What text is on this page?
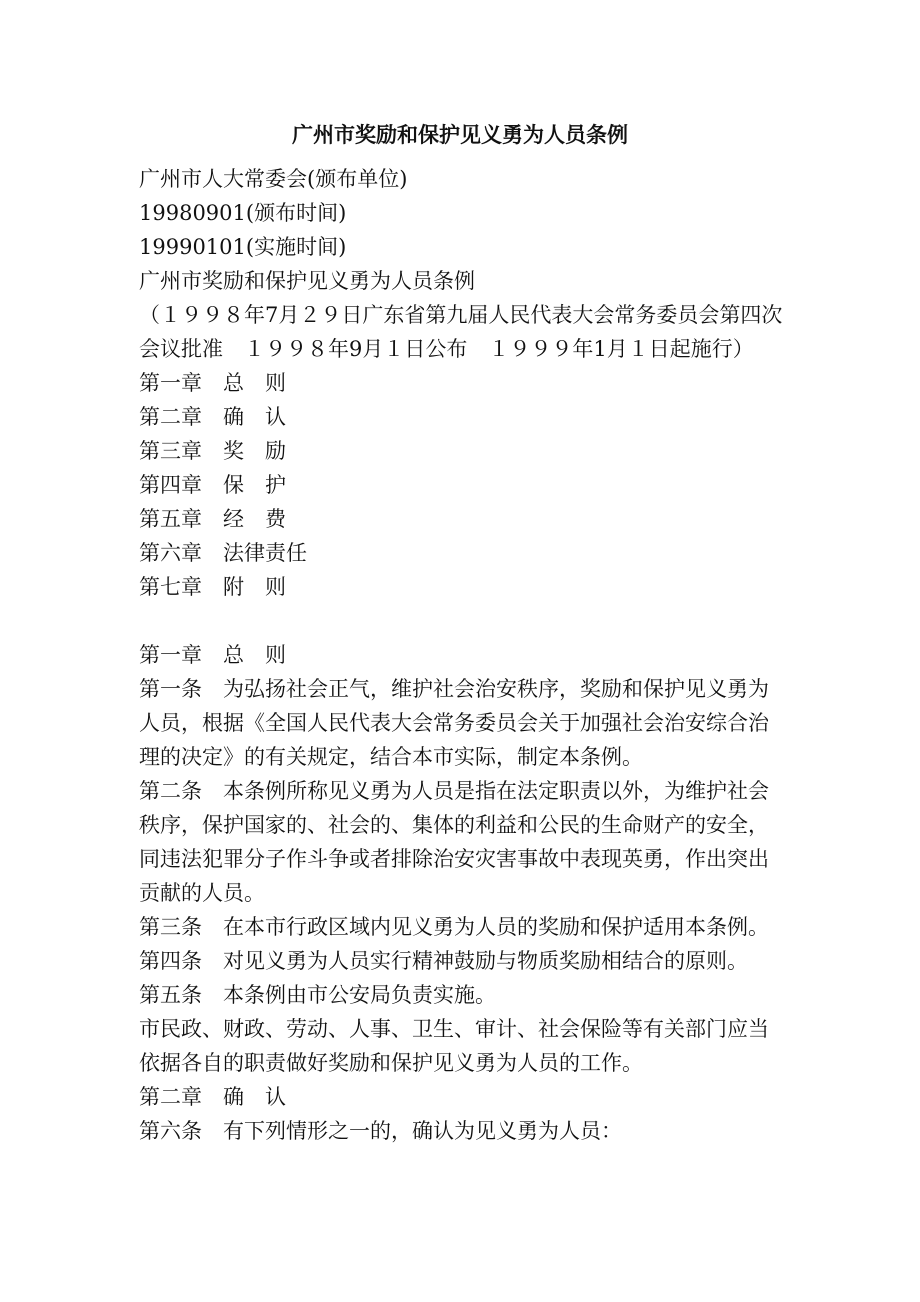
广州市奖励和保护见义勇为人员条例

广州市人大常委会(颁布单位)

19980901(颁布时间)

19990101(实施时间)

广州市奖励和保护见义勇为人员条例

（１９９８年7月２９日广东省第九届人民代表大会常务委员会第四次会议批准　１９９８年9月１日公布　１９９９年1月１日起施行）

第一章　总　则

第二章　确　认

第三章　奖　励

第四章　保　护

第五章　经　费

第六章　法律责任

第七章　附　则

第一章　总　则

第一条　为弘扬社会正气，维护社会治安秩序，奖励和保护见义勇为人员，根据《全国人民代表大会常务委员会关于加强社会治安综合治理的决定》的有关规定，结合本市实际，制定本条例。

第二条　本条例所称见义勇为人员是指在法定职责以外，为维护社会秩序，保护国家的、社会的、集体的利益和公民的生命财产的安全，同违法犯罪分子作斗争或者排除治安灾害事故中表现英勇，作出突出贡献的人员。

第三条　在本市行政区域内见义勇为人员的奖励和保护适用本条例。

第四条　对见义勇为人员实行精神鼓励与物质奖励相结合的原则。

第五条　本条例由市公安局负责实施。

市民政、财政、劳动、人事、卫生、审计、社会保险等有关部门应当依据各自的职责做好奖励和保护见义勇为人员的工作。

第二章　确　认

第六条　有下列情形之一的，确认为见义勇为人员：
